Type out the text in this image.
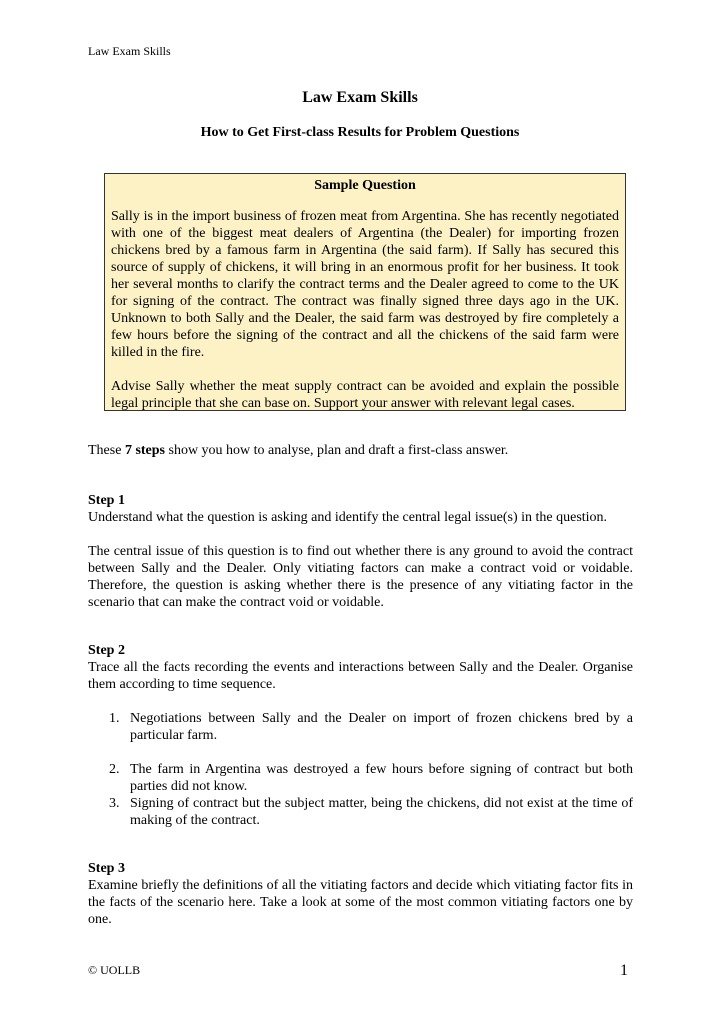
Law Exam Skills
Law Exam Skills
How to Get First-class Results for Problem Questions
Sample Question

Sally is in the import business of frozen meat from Argentina. She has recently negotiated with one of the biggest meat dealers of Argentina (the Dealer) for importing frozen chickens bred by a famous farm in Argentina (the said farm). If Sally has secured this source of supply of chickens, it will bring in an enormous profit for her business. It took her several months to clarify the contract terms and the Dealer agreed to come to the UK for signing of the contract. The contract was finally signed three days ago in the UK. Unknown to both Sally and the Dealer, the said farm was destroyed by fire completely a few hours before the signing of the contract and all the chickens of the said farm were killed in the fire.

Advise Sally whether the meat supply contract can be avoided and explain the possible legal principle that she can base on. Support your answer with relevant legal cases.

These 7 steps show you how to analyse, plan and draft a first-class answer.

Step 1

Understand what the question is asking and identify the central legal issue(s) in the question.

The central issue of this question is to find out whether there is any ground to avoid the contract between Sally and the Dealer. Only vitiating factors can make a contract void or voidable. Therefore, the question is asking whether there is the presence of any vitiating factor in the scenario that can make the contract void or voidable.

Step 2

Trace all the facts recording the events and interactions between Sally and the Dealer. Organise them according to time sequence.

1. Negotiations between Sally and the Dealer on import of frozen chickens bred by a particular farm.
2. The farm in Argentina was destroyed a few hours before signing of contract but both parties did not know.
3. Signing of contract but the subject matter, being the chickens, did not exist at the time of making of the contract.

Step 3

Examine briefly the definitions of all the vitiating factors and decide which vitiating factor fits in the facts of the scenario here. Take a look at some of the most common vitiating factors one by one.

© UOLLB	1
